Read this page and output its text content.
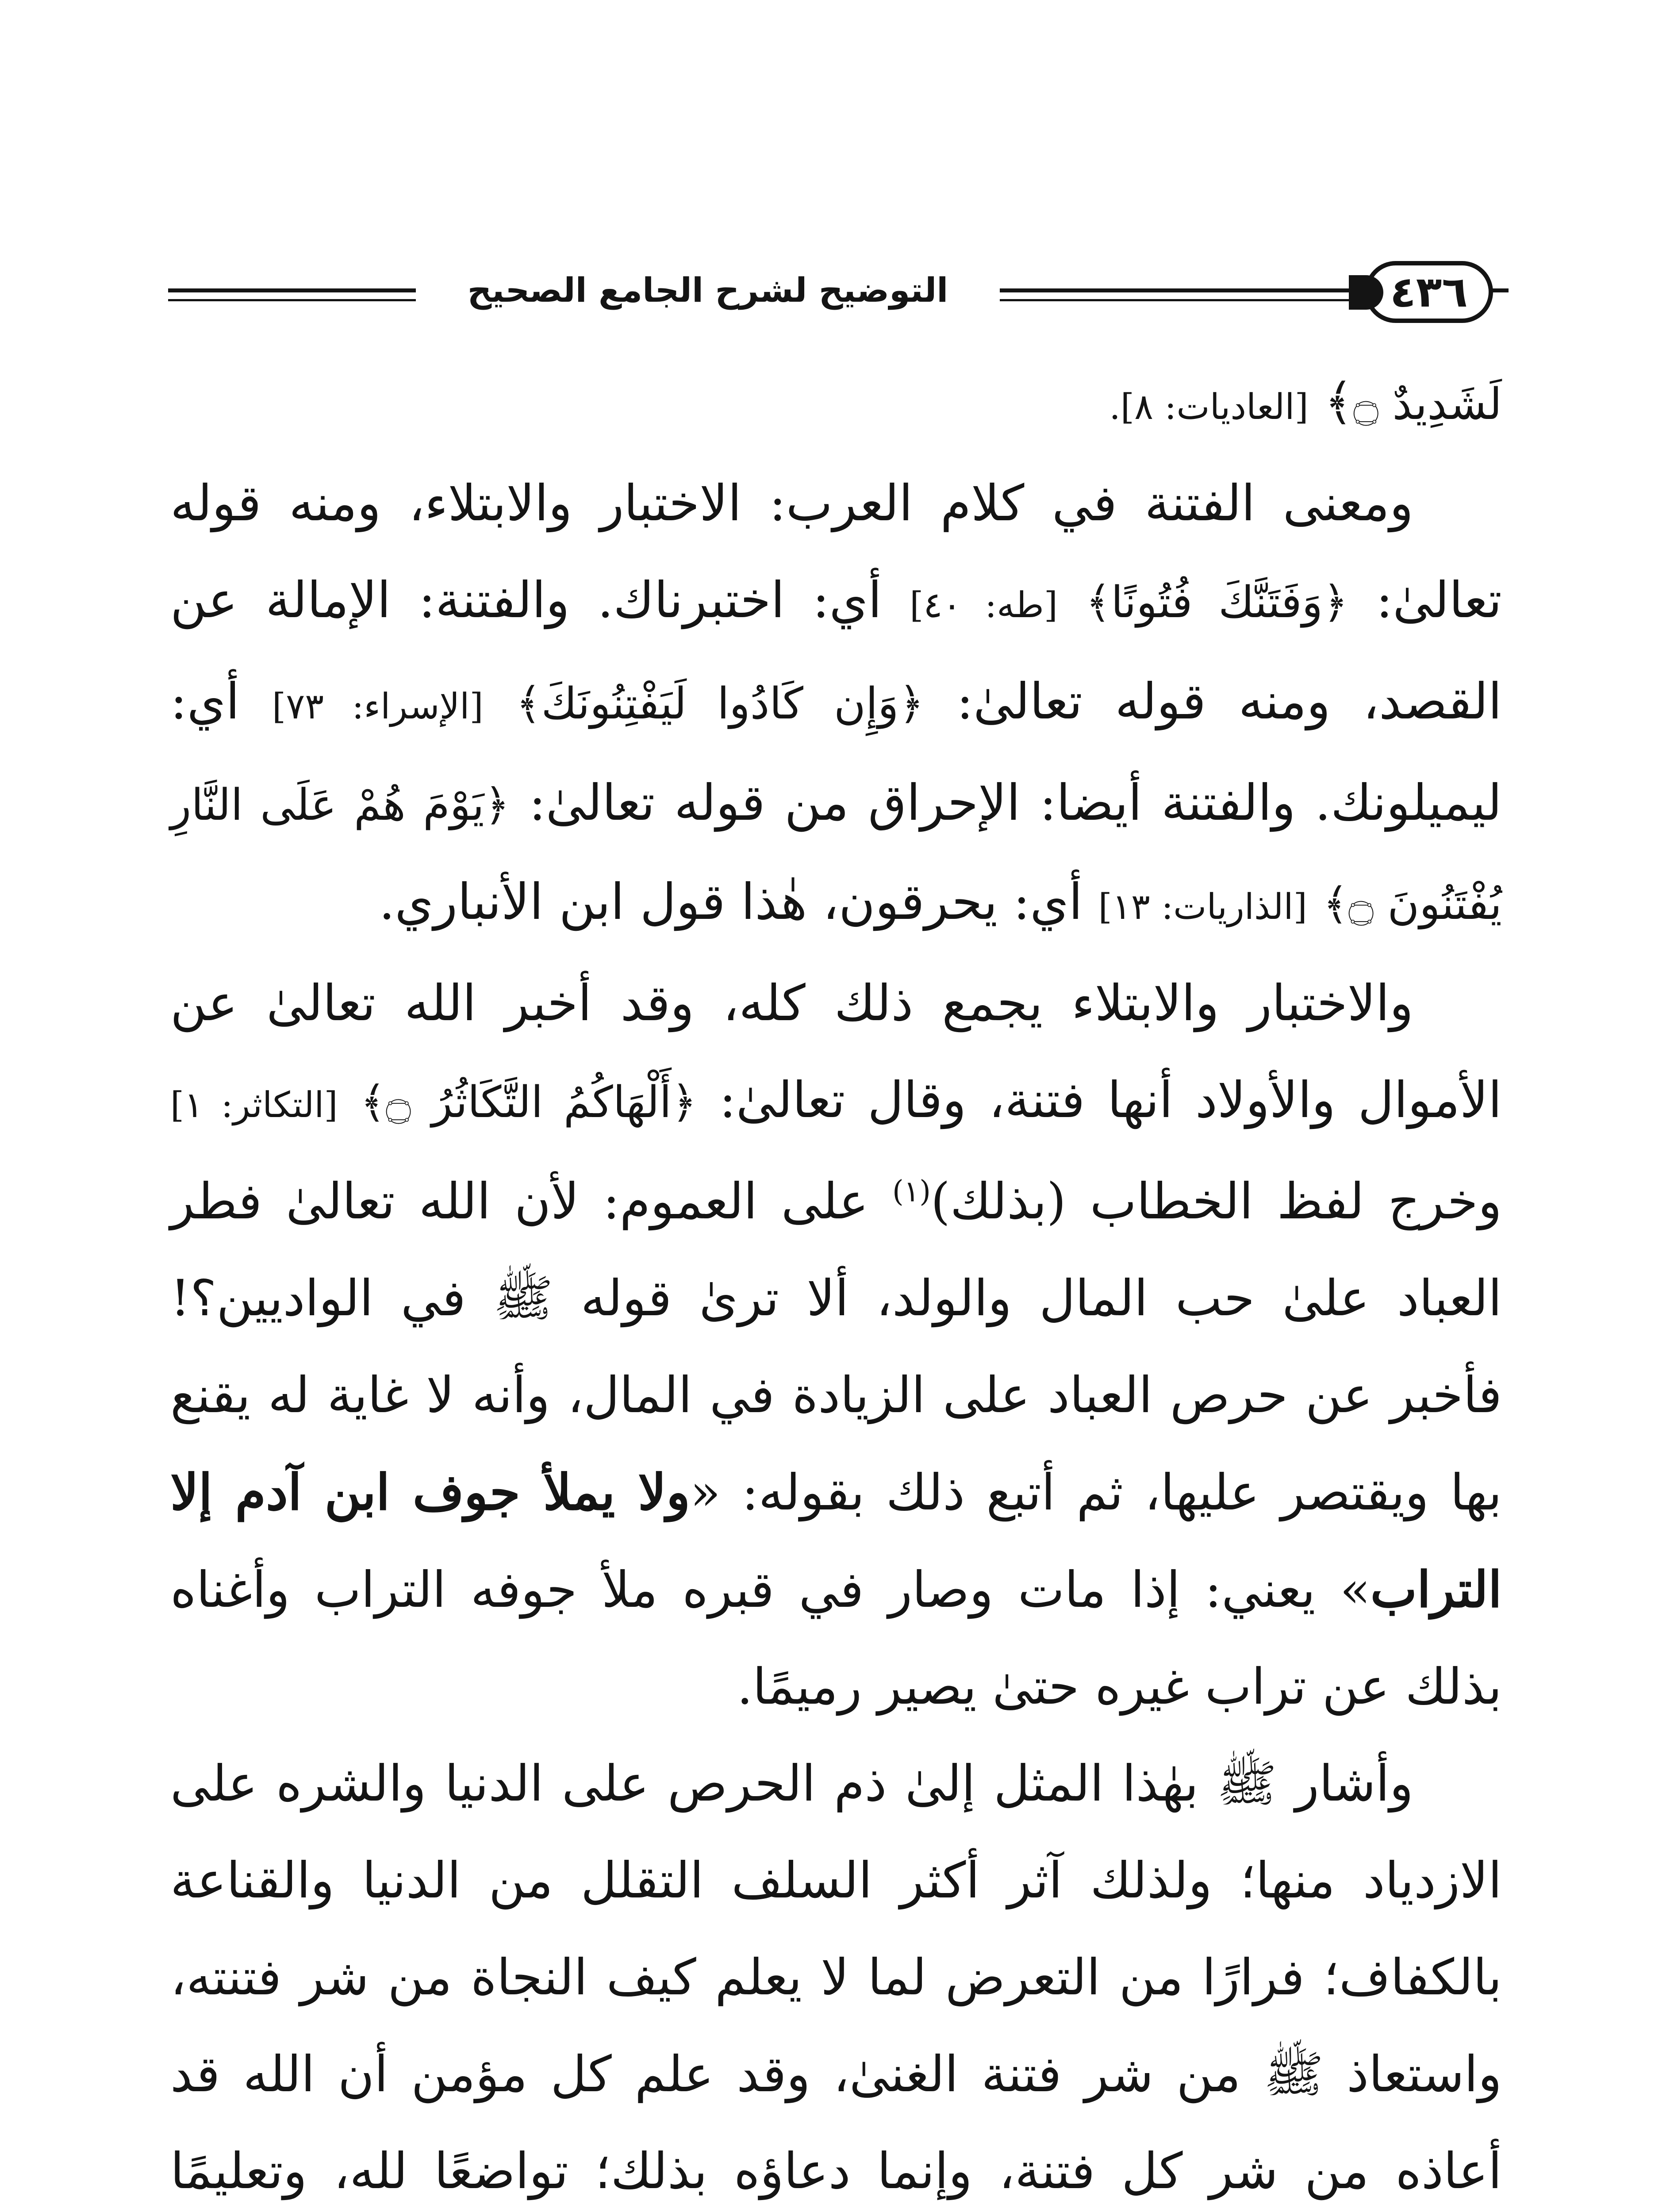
التوضيح لشرح الجامع الصحيح	٤٣٦

لَشَدِيدٌ ۝﴾ [العاديات: ٨].

ومعنى الفتنة في كلام العرب: الاختبار والابتلاء، ومنه قوله تعالىٰ: ﴿وَفَتَنَّكَ فُتُونًا﴾ [طه: ٤٠] أي: اختبرناك. والفتنة: الإمالة عن القصد، ومنه قوله تعالىٰ: ﴿وَإِن كَادُوا لَيَفْتِنُونَكَ﴾ [الإسراء: ٧٣] أي: ليميلونك. والفتنة أيضا: الإحراق من قوله تعالىٰ: ﴿يَوْمَ هُمْ عَلَى النَّارِ يُفْتَنُونَ ۝﴾ [الذاريات: ١٣] أي: يحرقون، هٰذا قول ابن الأنباري.

والاختبار والابتلاء يجمع ذلك كله، وقد أخبر الله تعالىٰ عن الأموال والأولاد أنها فتنة، وقال تعالىٰ: ﴿أَلْهَاكُمُ التَّكَاثُرُ ۝﴾ [التكاثر: ١] وخرج لفظ الخطاب (بذلك)$^{(١)}$ على العموم: لأن الله تعالىٰ فطر العباد علىٰ حب المال والولد، ألا ترىٰ قوله ﷺ في الواديين؟! فأخبر عن حرص العباد على الزيادة في المال، وأنه لا غاية له يقنع بها ويقتصر عليها، ثم أتبع ذلك بقوله: «ولا يملأ جوف ابن آدم إلا التراب» يعني: إذا مات وصار في قبره ملأ جوفه التراب وأغناه بذلك عن تراب غيره حتىٰ يصير رميمًا.

وأشار ﷺ بهٰذا المثل إلىٰ ذم الحرص على الدنيا والشره على الازدياد منها؛ ولذلك آثر أكثر السلف التقلل من الدنيا والقناعة بالكفاف؛ فرارًا من التعرض لما لا يعلم كيف النجاة من شر فتنته، واستعاذ ﷺ من شر فتنة الغنىٰ، وقد علم كل مؤمن أن الله قد أعاذه من شر كل فتنة، وإنما دعاؤه بذلك؛ تواضعًا لله، وتعليمًا
